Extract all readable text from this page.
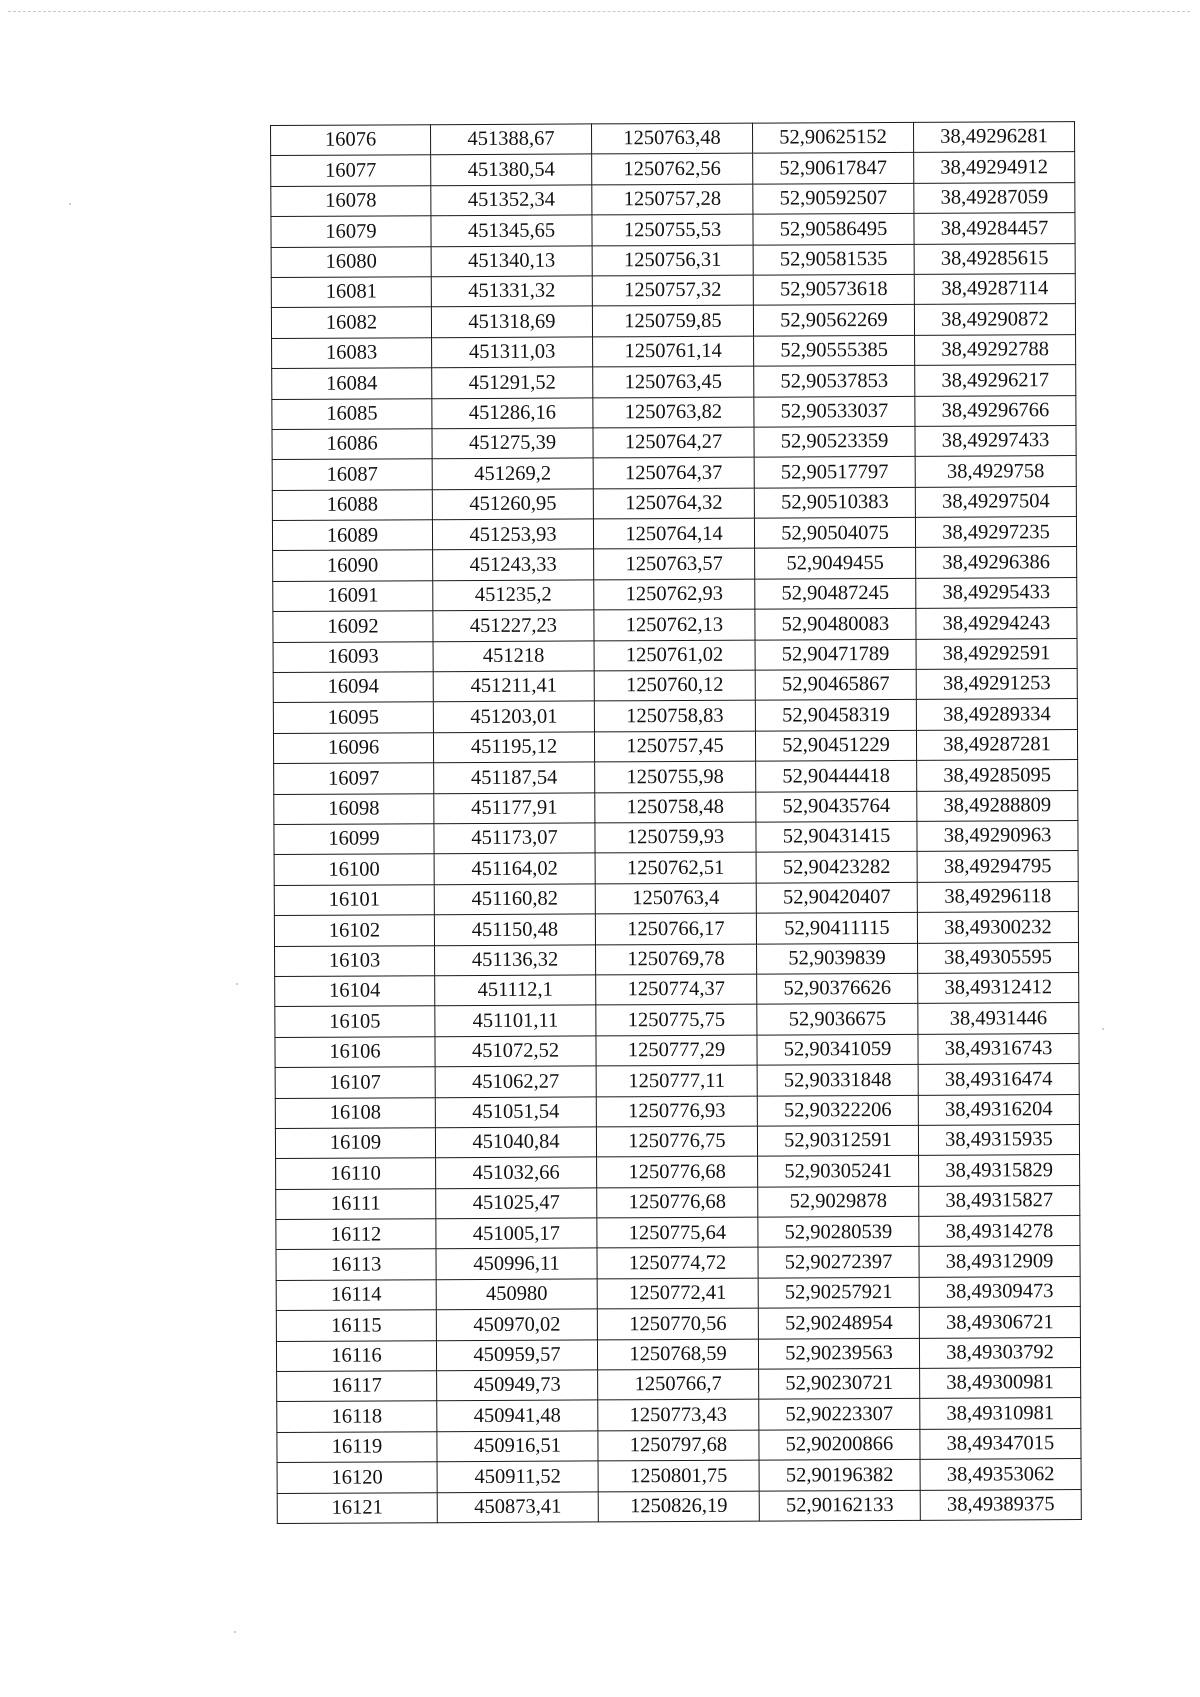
16076	451388,67	1250763,48	52,90625152	38,49296281
16077	451380,54	1250762,56	52,90617847	38,49294912
16078	451352,34	1250757,28	52,90592507	38,49287059
16079	451345,65	1250755,53	52,90586495	38,49284457
16080	451340,13	1250756,31	52,90581535	38,49285615
16081	451331,32	1250757,32	52,90573618	38,49287114
16082	451318,69	1250759,85	52,90562269	38,49290872
16083	451311,03	1250761,14	52,90555385	38,49292788
16084	451291,52	1250763,45	52,90537853	38,49296217
16085	451286,16	1250763,82	52,90533037	38,49296766
16086	451275,39	1250764,27	52,90523359	38,49297433
16087	451269,2	1250764,37	52,90517797	38,4929758
16088	451260,95	1250764,32	52,90510383	38,49297504
16089	451253,93	1250764,14	52,90504075	38,49297235
16090	451243,33	1250763,57	52,9049455	38,49296386
16091	451235,2	1250762,93	52,90487245	38,49295433
16092	451227,23	1250762,13	52,90480083	38,49294243
16093	451218	1250761,02	52,90471789	38,49292591
16094	451211,41	1250760,12	52,90465867	38,49291253
16095	451203,01	1250758,83	52,90458319	38,49289334
16096	451195,12	1250757,45	52,90451229	38,49287281
16097	451187,54	1250755,98	52,90444418	38,49285095
16098	451177,91	1250758,48	52,90435764	38,49288809
16099	451173,07	1250759,93	52,90431415	38,49290963
16100	451164,02	1250762,51	52,90423282	38,49294795
16101	451160,82	1250763,4	52,90420407	38,49296118
16102	451150,48	1250766,17	52,90411115	38,49300232
16103	451136,32	1250769,78	52,9039839	38,49305595
16104	451112,1	1250774,37	52,90376626	38,49312412
16105	451101,11	1250775,75	52,9036675	38,4931446
16106	451072,52	1250777,29	52,90341059	38,49316743
16107	451062,27	1250777,11	52,90331848	38,49316474
16108	451051,54	1250776,93	52,90322206	38,49316204
16109	451040,84	1250776,75	52,90312591	38,49315935
16110	451032,66	1250776,68	52,90305241	38,49315829
16111	451025,47	1250776,68	52,9029878	38,49315827
16112	451005,17	1250775,64	52,90280539	38,49314278
16113	450996,11	1250774,72	52,90272397	38,49312909
16114	450980	1250772,41	52,90257921	38,49309473
16115	450970,02	1250770,56	52,90248954	38,49306721
16116	450959,57	1250768,59	52,90239563	38,49303792
16117	450949,73	1250766,7	52,90230721	38,49300981
16118	450941,48	1250773,43	52,90223307	38,49310981
16119	450916,51	1250797,68	52,90200866	38,49347015
16120	450911,52	1250801,75	52,90196382	38,49353062
16121	450873,41	1250826,19	52,90162133	38,49389375
